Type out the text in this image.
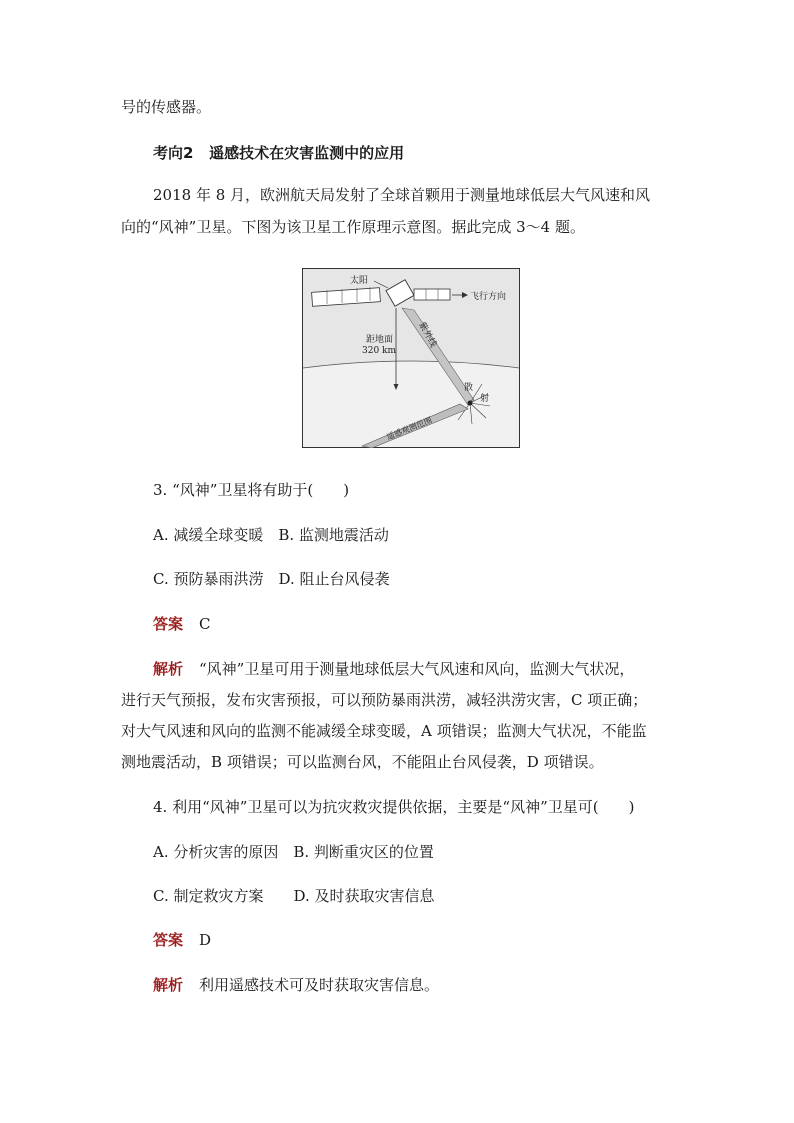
号的传感器。
考向2 遥感技术在灾害监测中的应用
2018 年 8 月，欧洲航天局发射了全球首颗用于测量地球低层大气风速和风
向的“风神”卫星。下图为该卫星工作原理示意图。据此完成 3～4 题。
太阳
飞行方向
距地面
320 km
紫外线
散
射
遥感观测范围
3. “风神”卫星将有助于(　　)
A. 减缓全球变暖　B. 监测地震活动
C. 预防暴雨洪涝　D. 阻止台风侵袭
答案 C
解析 “风神”卫星可用于测量地球低层大气风速和风向，监测大气状况，
进行天气预报，发布灾害预报，可以预防暴雨洪涝，减轻洪涝灾害，C 项正确；
对大气风速和风向的监测不能减缓全球变暖，A 项错误；监测大气状况，不能监
测地震活动，B 项错误；可以监测台风，不能阻止台风侵袭，D 项错误。
4. 利用“风神”卫星可以为抗灾救灾提供依据，主要是“风神”卫星可(　　)
A. 分析灾害的原因　B. 判断重灾区的位置
C. 制定救灾方案　　D. 及时获取灾害信息
答案 D
解析 利用遥感技术可及时获取灾害信息。
